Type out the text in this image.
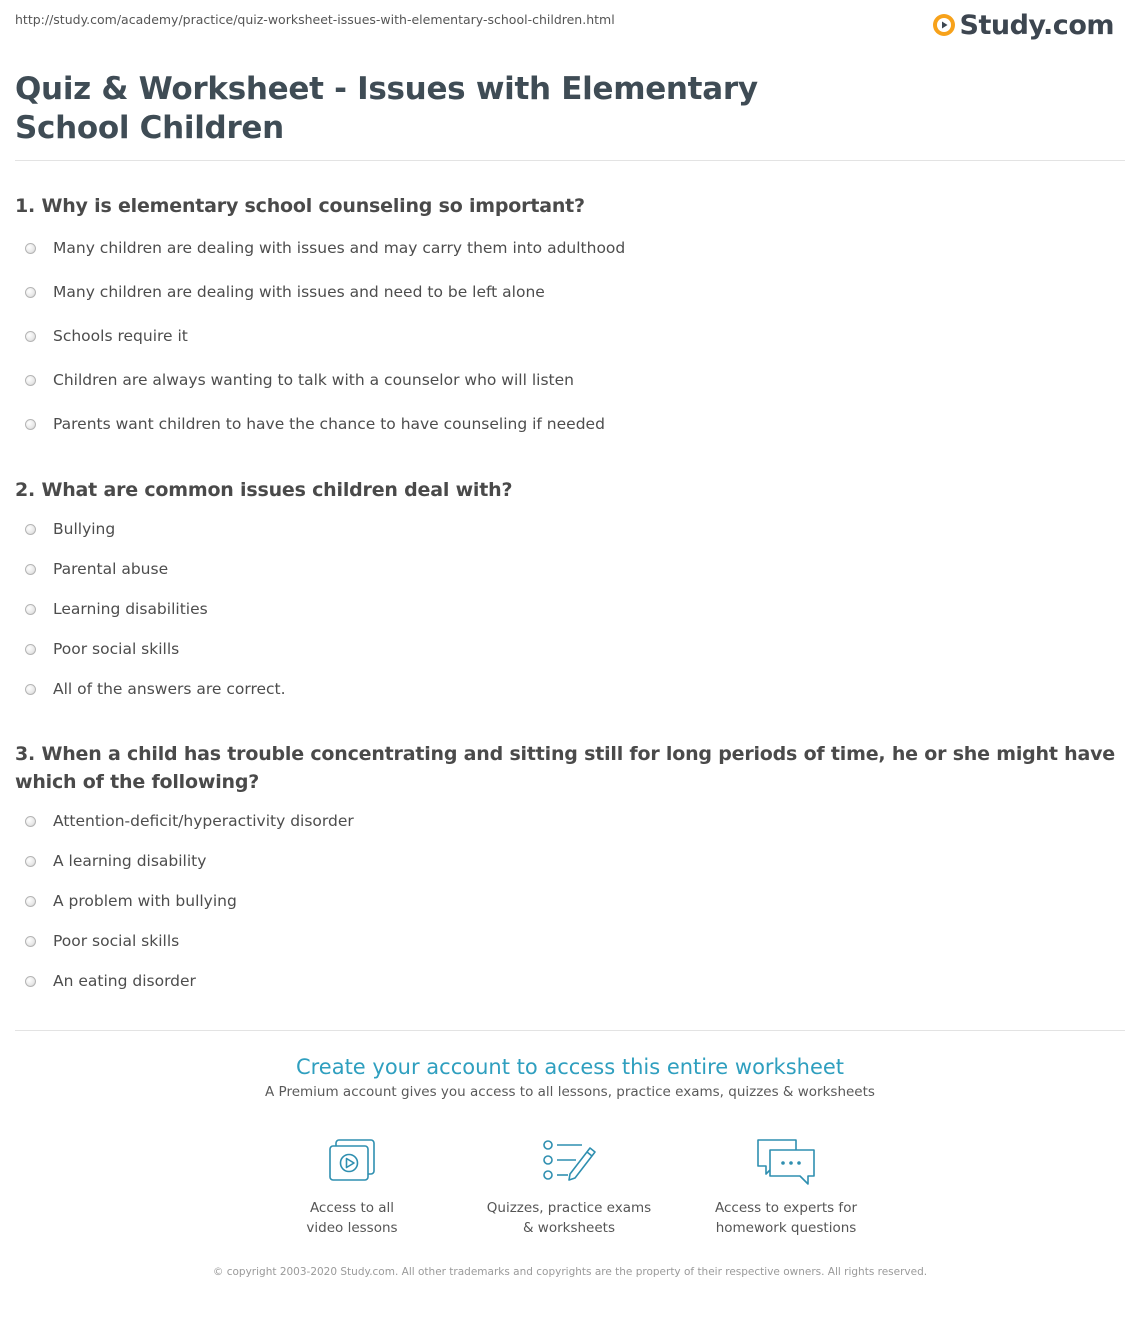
http://study.com/academy/practice/quiz-worksheet-issues-with-elementary-school-children.html	Study.com
Quiz & Worksheet - Issues with Elementary School Children
1. Why is elementary school counseling so important?
Many children are dealing with issues and may carry them into adulthood
Many children are dealing with issues and need to be left alone
Schools require it
Children are always wanting to talk with a counselor who will listen
Parents want children to have the chance to have counseling if needed
2. What are common issues children deal with?
Bullying
Parental abuse
Learning disabilities
Poor social skills
All of the answers are correct.
3. When a child has trouble concentrating and sitting still for long periods of time, he or she might have which of the following?
Attention-deficit/hyperactivity disorder
A learning disability
A problem with bullying
Poor social skills
An eating disorder
Create your account to access this entire worksheet
A Premium account gives you access to all lessons, practice exams, quizzes & worksheets
Access to all
video lessons
Quizzes, practice exams
& worksheets
Access to experts for
homework questions
© copyright 2003-2020 Study.com. All other trademarks and copyrights are the property of their respective owners. All rights reserved.
